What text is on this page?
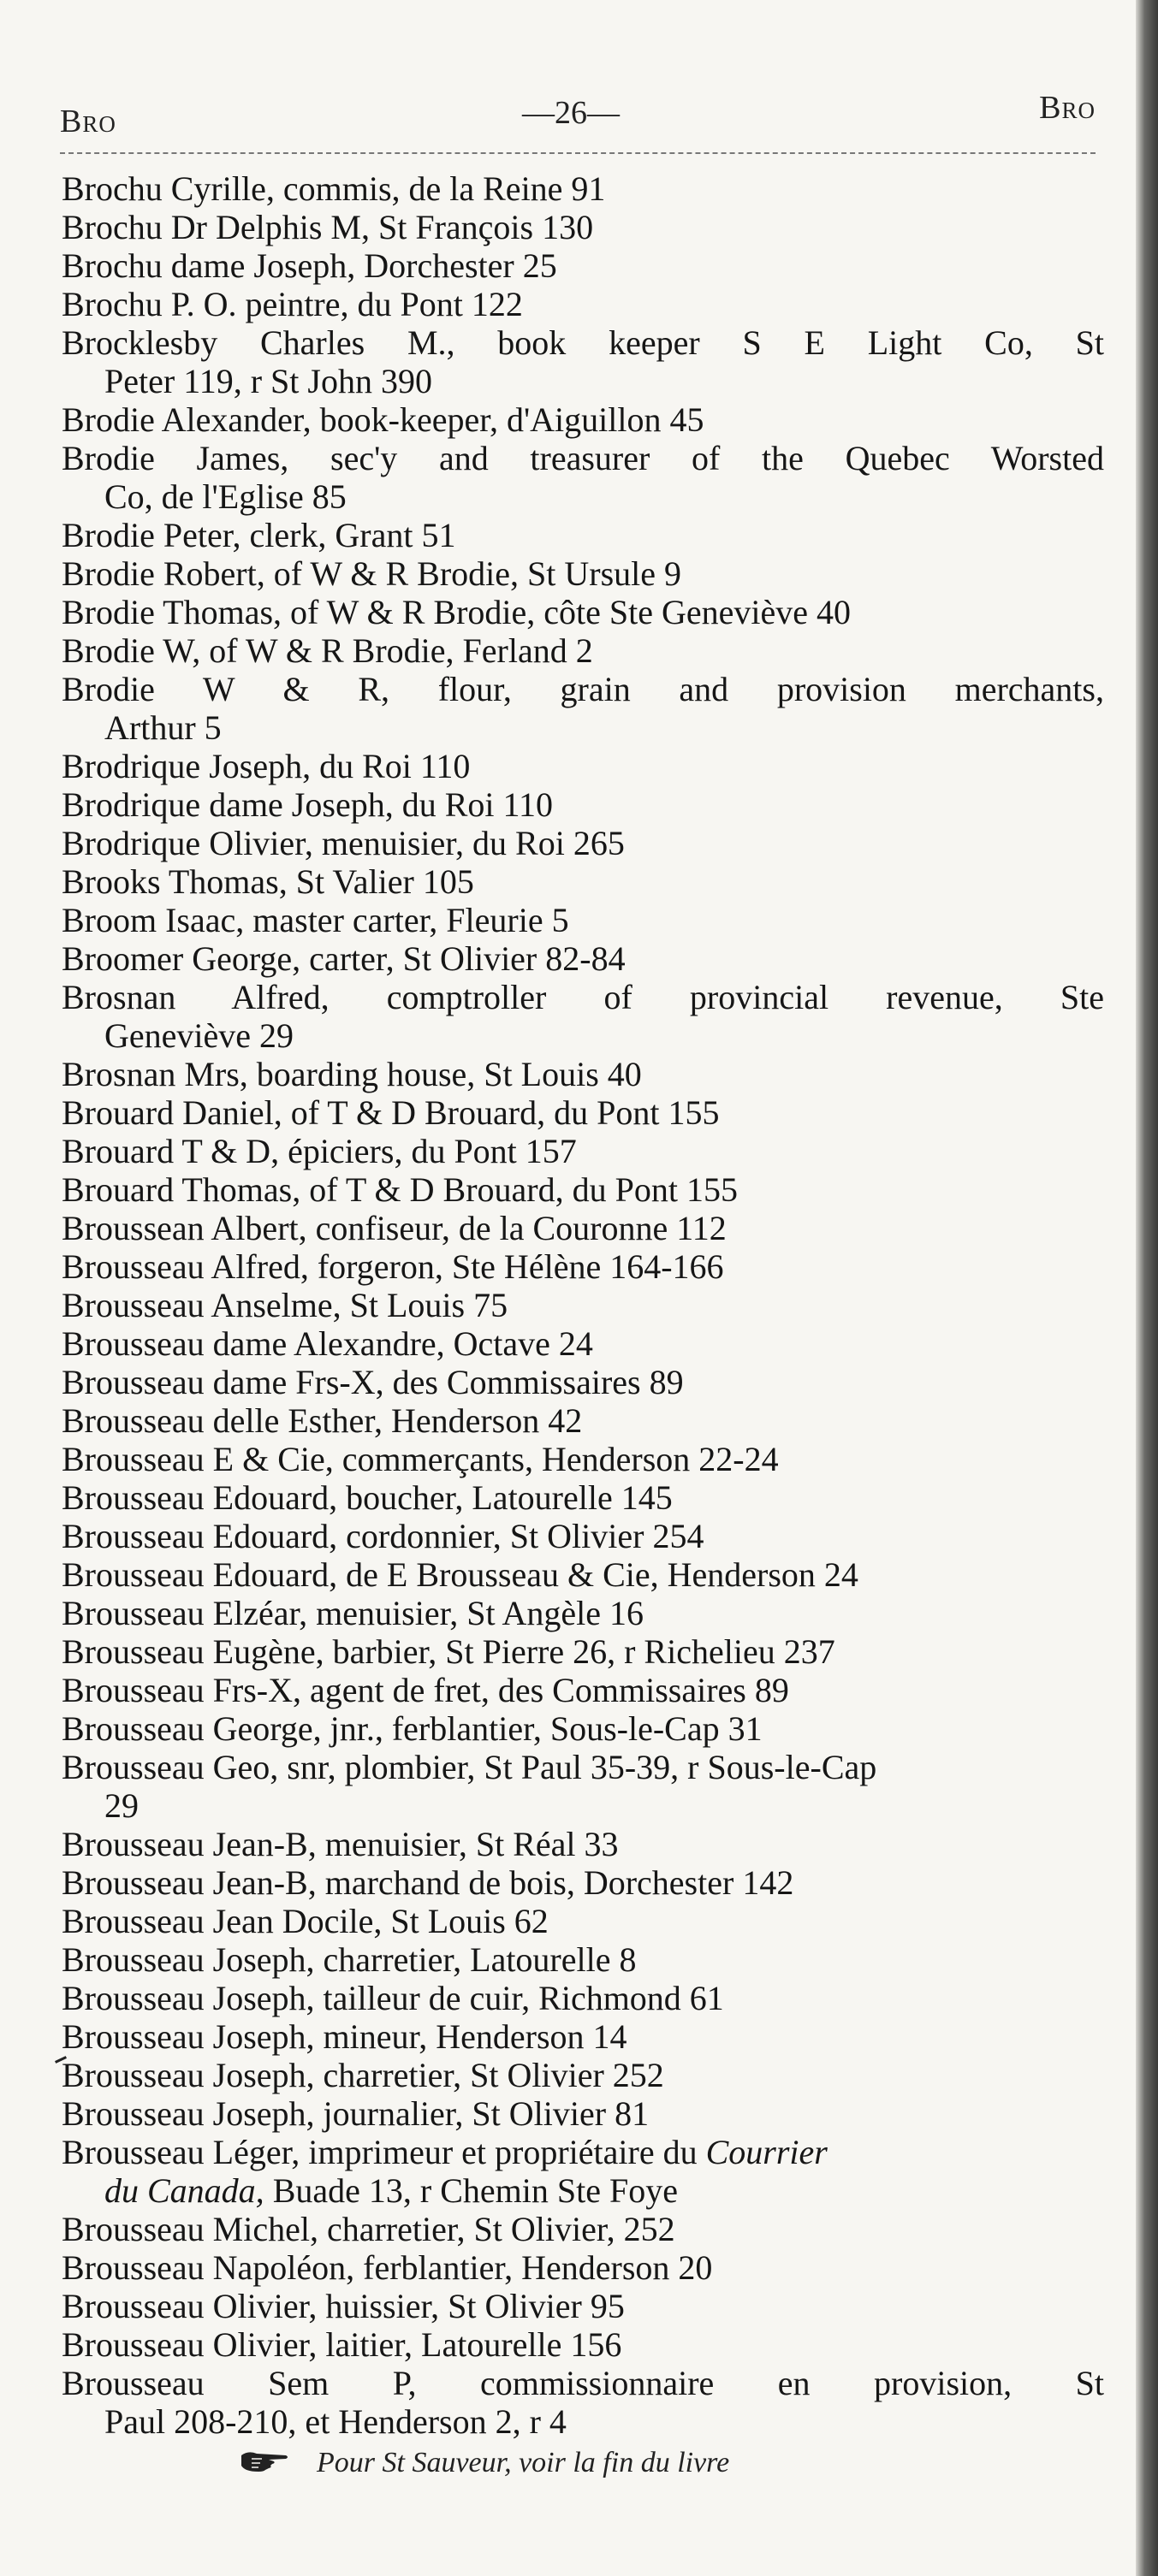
Bro	—26—	Bro
Brochu Cyrille, commis, de la Reine 91
Brochu Dr Delphis M, St François 130
Brochu dame Joseph, Dorchester 25
Brochu P. O. peintre, du Pont 122
Brocklesby Charles M., book keeper S E Light Co, St
Peter 119, r St John 390
Brodie Alexander, book-keeper, d'Aiguillon 45
Brodie James, sec'y and treasurer of the Quebec Worsted
Co, de l'Eglise 85
Brodie Peter, clerk, Grant 51
Brodie Robert, of W & R Brodie, St Ursule 9
Brodie Thomas, of W & R Brodie, côte Ste Geneviève 40
Brodie W, of W & R Brodie, Ferland 2
Brodie W & R, flour, grain and provision merchants,
Arthur 5
Brodrique Joseph, du Roi 110
Brodrique dame Joseph, du Roi 110
Brodrique Olivier, menuisier, du Roi 265
Brooks Thomas, St Valier 105
Broom Isaac, master carter, Fleurie 5
Broomer George, carter, St Olivier 82-84
Brosnan Alfred, comptroller of provincial revenue, Ste
Geneviève 29
Brosnan Mrs, boarding house, St Louis 40
Brouard Daniel, of T & D Brouard, du Pont 155
Brouard T & D, épiciers, du Pont 157
Brouard Thomas, of T & D Brouard, du Pont 155
Broussean Albert, confiseur, de la Couronne 112
Brousseau Alfred, forgeron, Ste Hélène 164-166
Brousseau Anselme, St Louis 75
Brousseau dame Alexandre, Octave 24
Brousseau dame Frs-X, des Commissaires 89
Brousseau delle Esther, Henderson 42
Brousseau E & Cie, commerçants, Henderson 22-24
Brousseau Edouard, boucher, Latourelle 145
Brousseau Edouard, cordonnier, St Olivier 254
Brousseau Edouard, de E Brousseau & Cie, Henderson 24
Brousseau Elzéar, menuisier, St Angèle 16
Brousseau Eugène, barbier, St Pierre 26, r Richelieu 237
Brousseau Frs-X, agent de fret, des Commissaires 89
Brousseau George, jnr., ferblantier, Sous-le-Cap 31
Brousseau Geo, snr, plombier, St Paul 35-39, r Sous-le-Cap
29
Brousseau Jean-B, menuisier, St Réal 33
Brousseau Jean-B, marchand de bois, Dorchester 142
Brousseau Jean Docile, St Louis 62
Brousseau Joseph, charretier, Latourelle 8
Brousseau Joseph, tailleur de cuir, Richmond 61
Brousseau Joseph, mineur, Henderson 14
Brousseau Joseph, charretier, St Olivier 252
Brousseau Joseph, journalier, St Olivier 81
Brousseau Léger, imprimeur et propriétaire du Courrier
du Canada, Buade 13, r Chemin Ste Foye
Brousseau Michel, charretier, St Olivier, 252
Brousseau Napoléon, ferblantier, Henderson 20
Brousseau Olivier, huissier, St Olivier 95
Brousseau Olivier, laitier, Latourelle 156
Brousseau Sem P, commissionnaire en provision, St
Paul 208-210, et Henderson 2, r 4
Pour St Sauveur, voir la fin du livre
